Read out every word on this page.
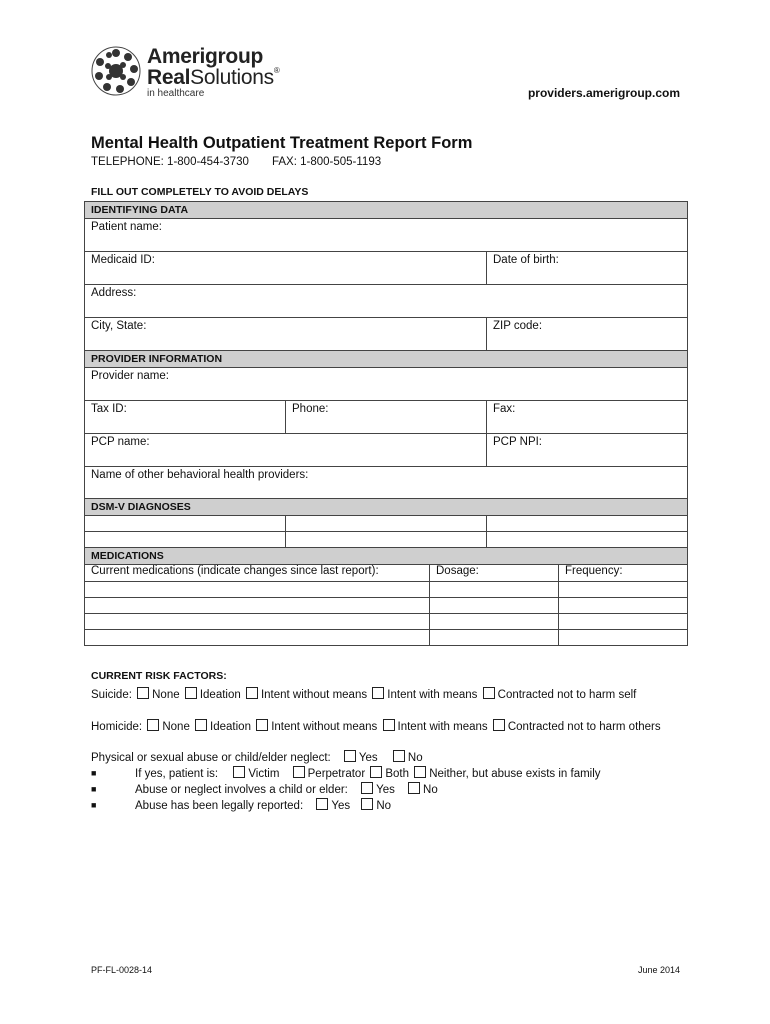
Amerigroup
RealSolutions®
in healthcare	providers.amerigroup.com
Mental Health Outpatient Treatment Report Form
TELEPHONE: 1-800-454-3730 FAX: 1-800-505-1193
FILL OUT COMPLETELY TO AVOID DELAYS
IDENTIFYING DATA
Patient name:
Medicaid ID:	Date of birth:
Address:
City, State:	ZIP code:
PROVIDER INFORMATION
Provider name:
Tax ID:	Phone:	Fax:
PCP name:	PCP NPI:
Name of other behavioral health providers:
DSM-V DIAGNOSES
MEDICATIONS
Current medications (indicate changes since last report):	Dosage:	Frequency:
CURRENT RISK FACTORS:
Suicide: None Ideation Intent without means Intent with means Contracted not to harm self
Homicide: None Ideation Intent without means Intent with means Contracted not to harm others
Physical or sexual abuse or child/elder neglect: Yes	No
■	If yes, patient is:	Victim Perpetrator Both Neither, but abuse exists in family
■	Abuse or neglect involves a child or elder: Yes No
■	Abuse has been legally reported: Yes No
PF-FL-0028-14	June 2014
